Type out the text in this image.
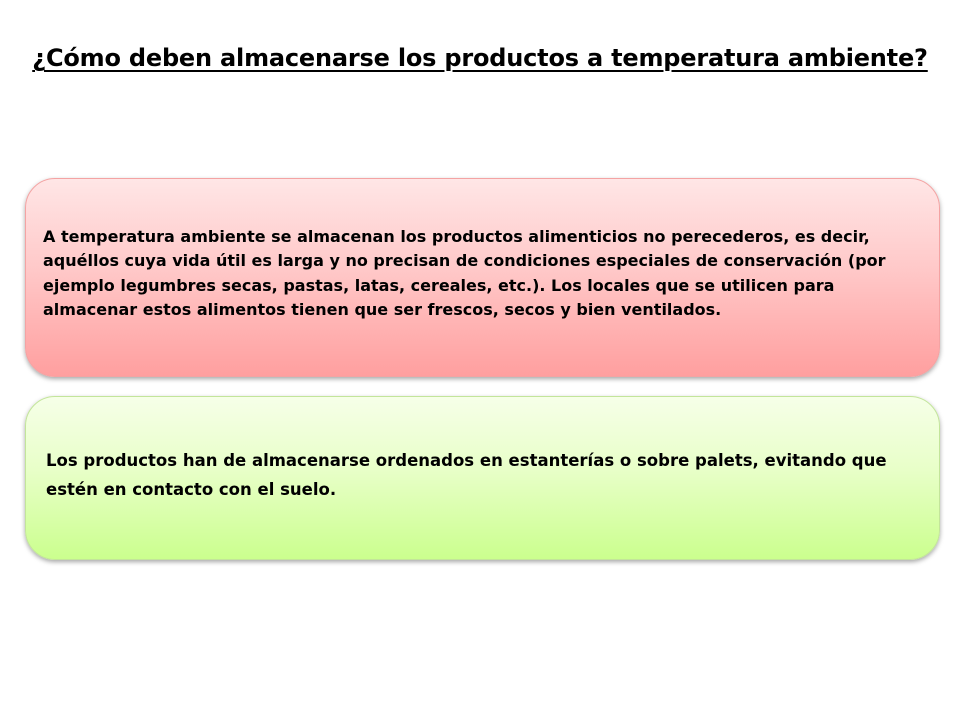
¿Cómo deben almacenarse los productos a temperatura ambiente?

A temperatura ambiente se almacenan los productos alimenticios no perecederos, es decir, aquéllos cuya vida útil es larga y no precisan de condiciones especiales de conservación (por ejemplo legumbres secas, pastas, latas, cereales, etc.). Los locales que se utilicen para almacenar estos alimentos tienen que ser frescos, secos y bien ventilados.

Los productos han de almacenarse ordenados en estanterías o sobre palets, evitando que estén en contacto con el suelo.
